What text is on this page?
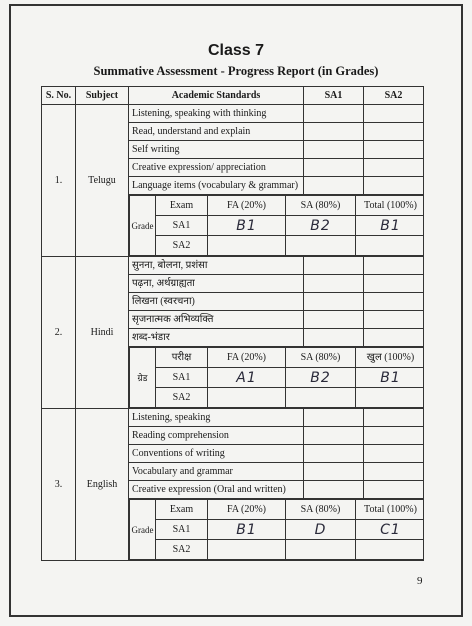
Class 7
Summative Assessment - Progress Report (in Grades)
S. No.	Subject	Academic Standards	SA1	SA2
1.	Telugu	Listening, speaking with thinking		
Read, understand and explain		
Self writing		
Creative expression/ appreciation		
Language items (vocabulary & grammar)		

Grade	Exam	FA (20%)	SA (80%)	Total (100%)
SA1	B1	B2	B1
SA2			

2.	Hindi	सुनना, बोलना, प्रशंसा		
पढ़ना, अर्थग्राह्यता		
लिखना (स्वरचना)		
सृजनात्मक अभिव्यक्ति		
शब्द-भंडार		

ग्रेड	परीक्ष	FA (20%)	SA (80%)	खुल (100%)
SA1	A1	B2	B1
SA2			

3.	English	Listening, speaking		
Reading comprehension		
Conventions of writing		
Vocabulary and grammar		
Creative expression (Oral and written)		

Grade	Exam	FA (20%)	SA (80%)	Total (100%)
SA1	B1	D	C1
SA2			
9
